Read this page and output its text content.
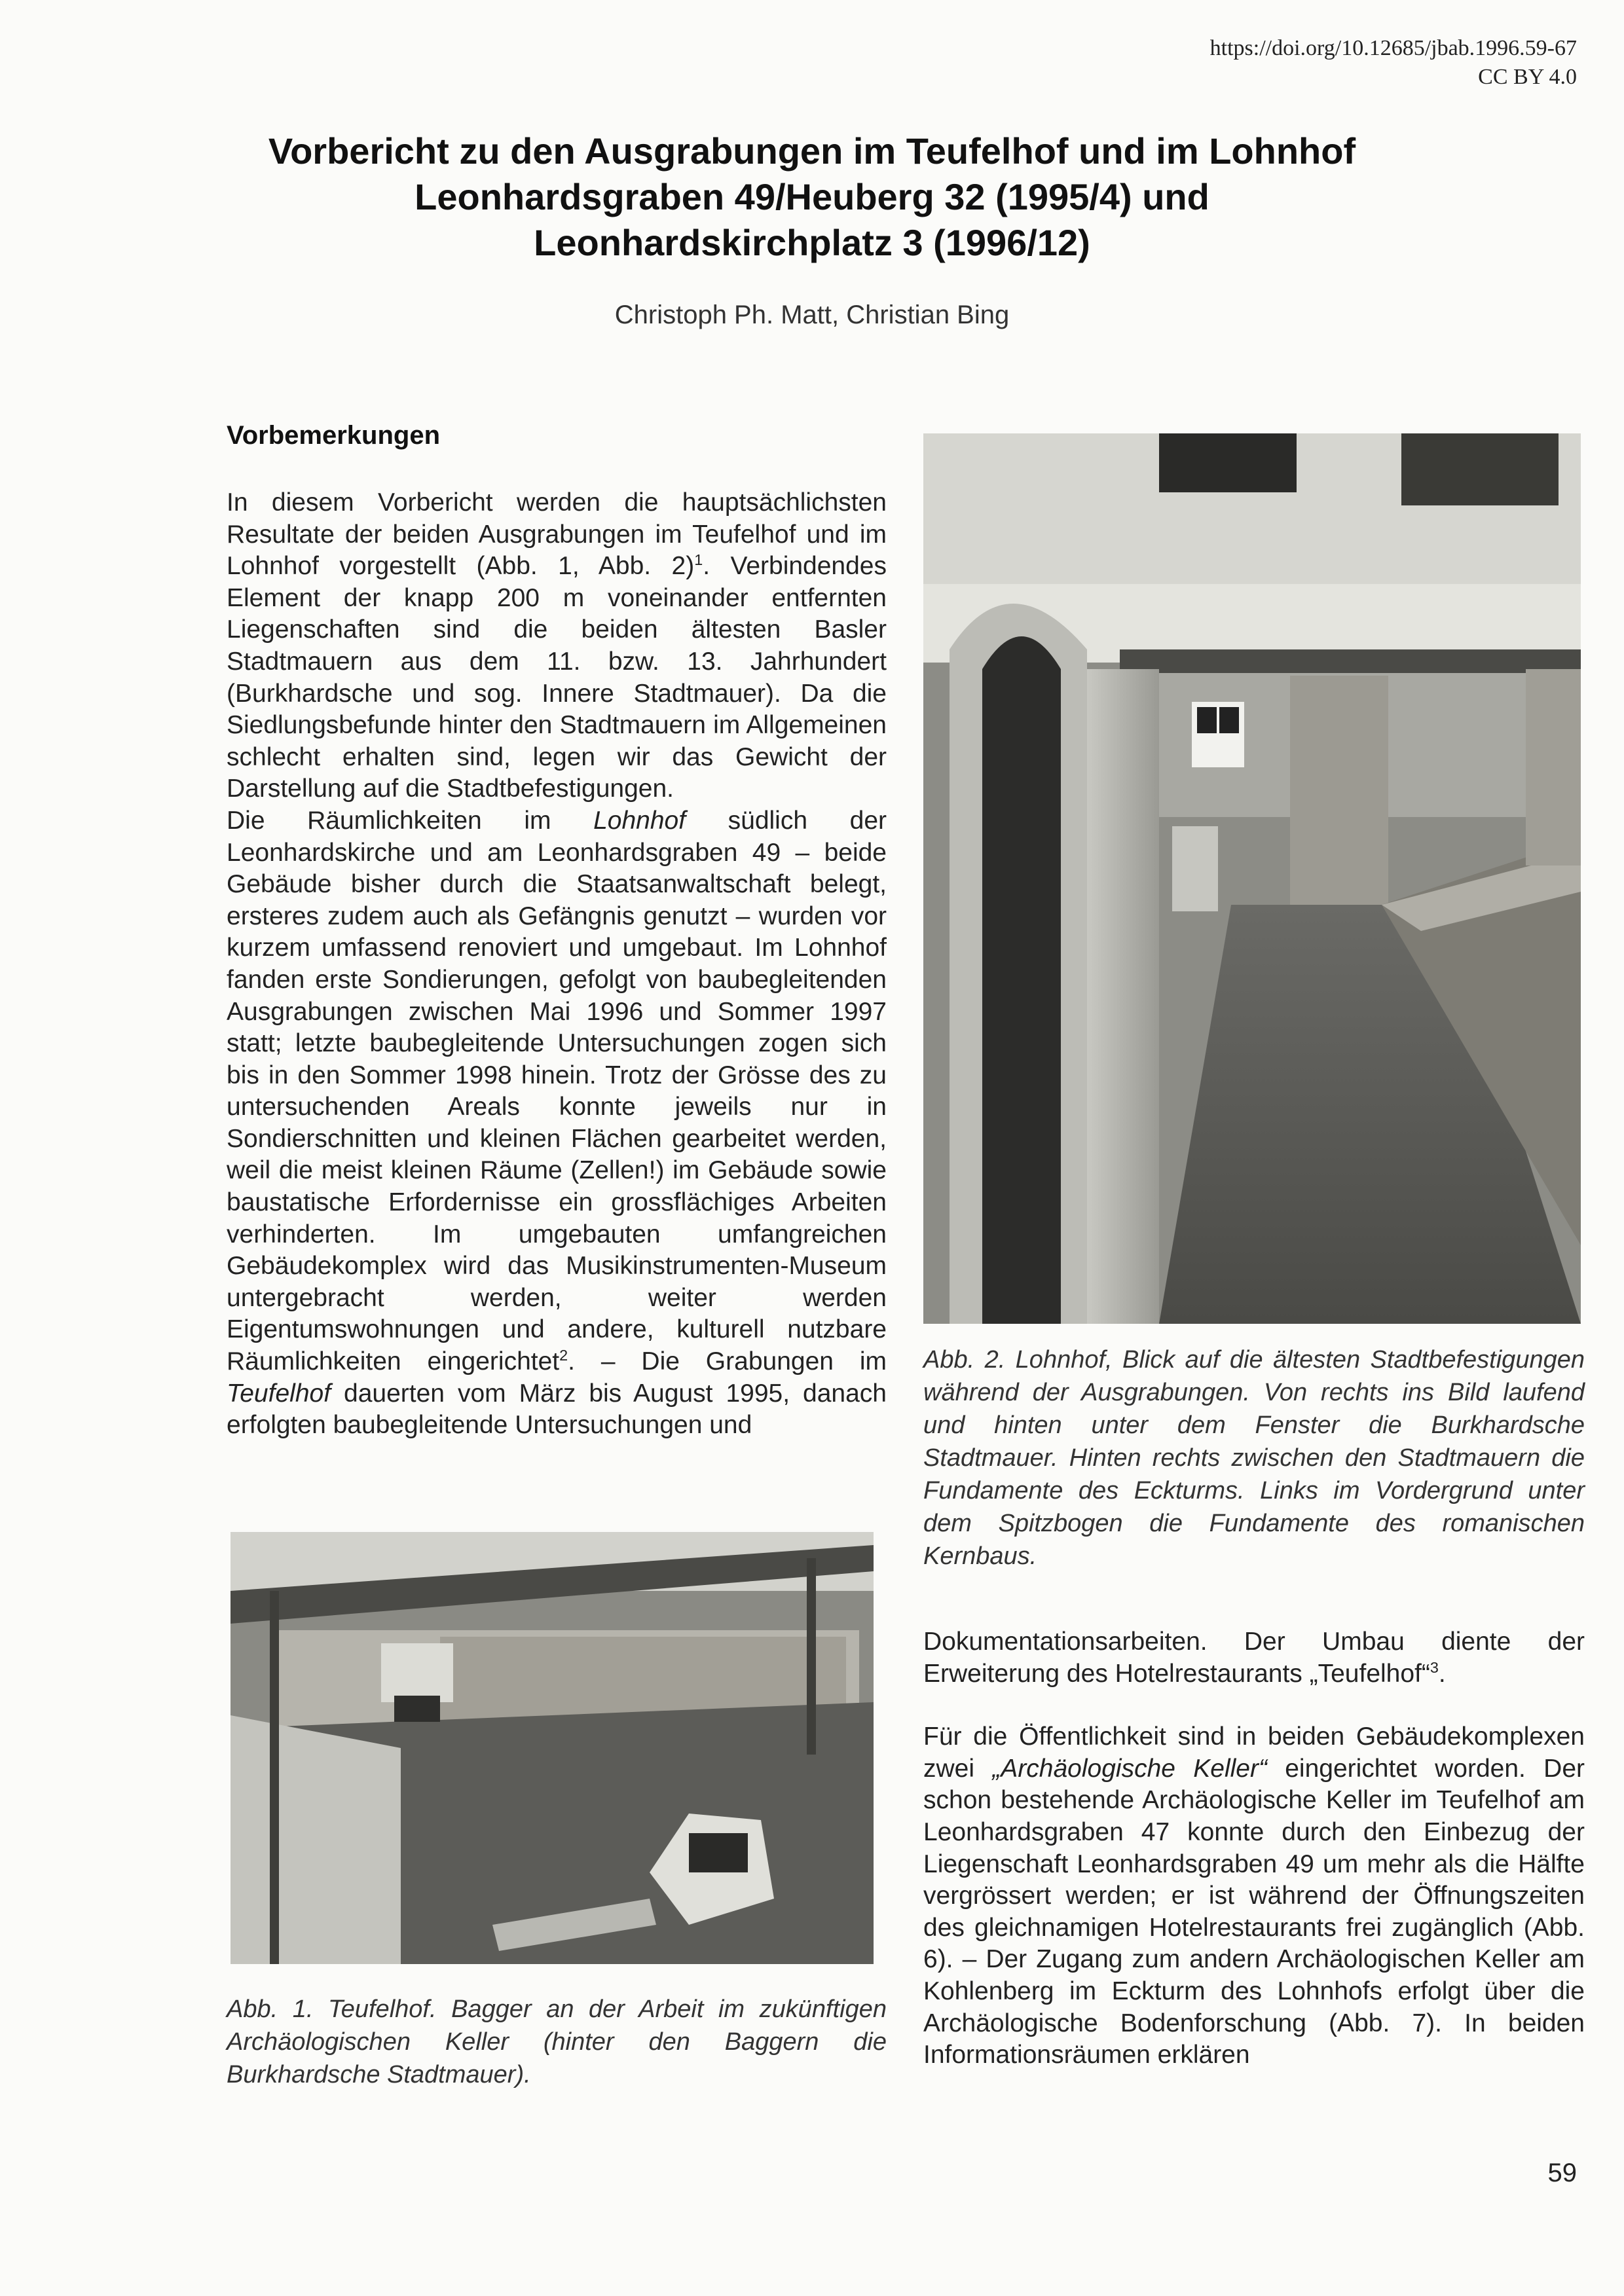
https://doi.org/10.12685/jbab.1996.59-67
CC BY 4.0
Vorbericht zu den Ausgrabungen im Teufelhof und im Lohnhof
Leonhardsgraben 49/Heuberg 32 (1995/4) und
Leonhardskirchplatz 3 (1996/12)
Christoph Ph. Matt, Christian Bing
Vorbemerkungen

In diesem Vorbericht werden die hauptsächlichsten Resultate der beiden Ausgrabungen im Teufelhof und im Lohnhof vorgestellt (Abb. 1, Abb. 2)$^1$. Verbindendes Element der knapp 200 m voneinander entfernten Liegenschaften sind die beiden ältesten Basler Stadtmauern aus dem 11. bzw. 13. Jahrhundert (Burkhardsche und sog. Innere Stadtmauer). Da die Siedlungsbefunde hinter den Stadtmauern im Allgemeinen schlecht erhalten sind, legen wir das Gewicht der Darstellung auf die Stadtbefestigungen.

Die Räumlichkeiten im Lohnhof südlich der Leonhardskirche und am Leonhardsgraben 49 – beide Gebäude bisher durch die Staatsanwaltschaft belegt, ersteres zudem auch als Gefängnis genutzt – wurden vor kurzem umfassend renoviert und umgebaut. Im Lohnhof fanden erste Sondierungen, gefolgt von baubegleitenden Ausgrabungen zwischen Mai 1996 und Sommer 1997 statt; letzte baubegleitende Untersuchungen zogen sich bis in den Sommer 1998 hinein. Trotz der Grösse des zu untersuchenden Areals konnte jeweils nur in Sondierschnitten und kleinen Flächen gearbeitet werden, weil die meist kleinen Räume (Zellen!) im Gebäude sowie baustatische Erfordernisse ein grossflächiges Arbeiten verhinderten. Im umgebauten umfangreichen Gebäudekomplex wird das Musikinstrumenten-Museum untergebracht werden, weiter werden Eigentumswohnungen und andere, kulturell nutzbare Räumlichkeiten eingerichtet$^2$. – Die Grabungen im Teufelhof dauerten vom März bis August 1995, danach erfolgten baubegleitende Untersuchungen und

Abb. 2. Lohnhof, Blick auf die ältesten Stadtbefestigungen während der Ausgrabungen. Von rechts ins Bild laufend und hinten unter dem Fenster die Burkhardsche Stadtmauer. Hinten rechts zwischen den Stadtmauern die Fundamente des Eckturms. Links im Vordergrund unter dem Spitzbogen die Fundamente des romanischen Kernbaus.
Abb. 1. Teufelhof. Bagger an der Arbeit im zukünftigen Archäologischen Keller (hinter den Baggern die Burkhardsche Stadtmauer).

Dokumentationsarbeiten. Der Umbau diente der Erweiterung des Hotelrestaurants „Teufelhof“$^3$.

Für die Öffentlichkeit sind in beiden Gebäudekomplexen zwei „Archäologische Keller“ eingerichtet worden. Der schon bestehende Archäologische Keller im Teufelhof am Leonhardsgraben 47 konnte durch den Einbezug der Liegenschaft Leonhardsgraben 49 um mehr als die Hälfte vergrössert werden; er ist während der Öffnungszeiten des gleichnamigen Hotelrestaurants frei zugänglich (Abb. 6). – Der Zugang zum andern Archäologischen Keller am Kohlenberg im Eckturm des Lohnhofs erfolgt über die Archäologische Bodenforschung (Abb. 7). In beiden Informationsräumen erklären

59
